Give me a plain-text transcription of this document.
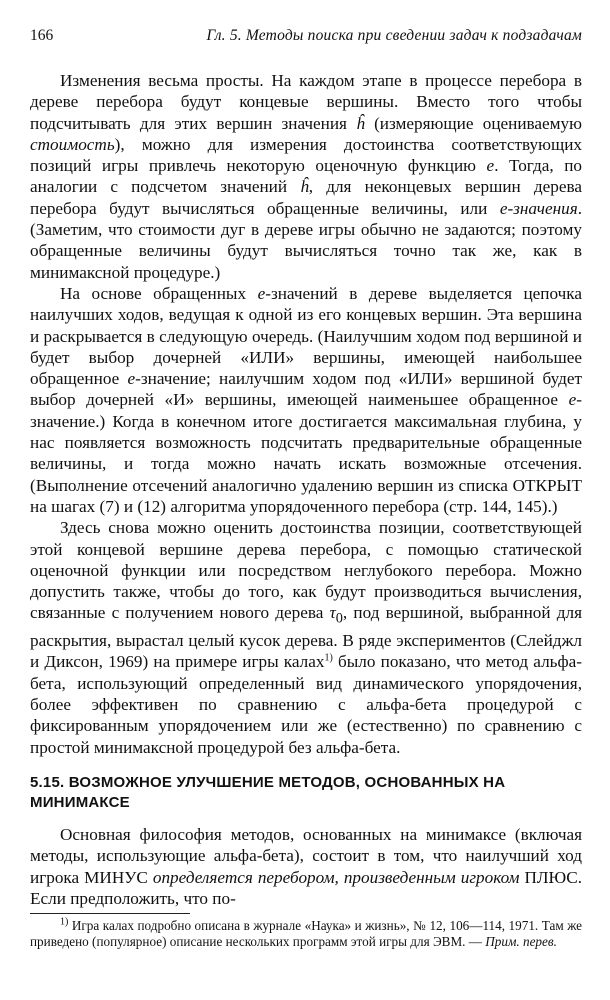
166	Гл. 5. Методы поиска при сведении задач к подзадачам

Изменения весьма просты. На каждом этапе в процессе перебора в дереве перебора будут концевые вершины. Вместо того чтобы подсчитывать для этих вершин значения ĥ (измеряющие оцениваемую стоимость), можно для измерения достоинства соответствующих позиций игры привлечь некоторую оценочную функцию e. Тогда, по аналогии с подсчетом значений ĥ, для неконцевых вершин дерева перебора будут вычисляться обращенные величины, или e-значения. (Заметим, что стоимости дуг в дереве игры обычно не задаются; поэтому обращенные величины будут вычисляться точно так же, как в минимаксной процедуре.)

На основе обращенных e-значений в дереве выделяется цепочка наилучших ходов, ведущая к одной из его концевых вершин. Эта вершина и раскрывается в следующую очередь. (Наилучшим ходом под вершиной и будет выбор дочерней «ИЛИ» вершины, имеющей наибольшее обращенное e-значение; наилучшим ходом под «ИЛИ» вершиной будет выбор дочерней «И» вершины, имеющей наименьшее обращенное e-значение.) Когда в конечном итоге достигается максимальная глубина, у нас появляется возможность подсчитать предварительные обращенные величины, и тогда можно начать искать возможные отсечения. (Выполнение отсечений аналогично удалению вершин из списка ОТКРЫТ на шагах (7) и (12) алгоритма упорядоченного перебора (стр. 144, 145).)

Здесь снова можно оценить достоинства позиции, соответствующей этой концевой вершине дерева перебора, с помощью статической оценочной функции или посредством неглубокого перебора. Можно допустить также, чтобы до того, как будут производиться вычисления, связанные с получением нового дерева $\tau_0$, под вершиной, выбранной для раскрытия, вырастал целый кусок дерева. В ряде экспериментов (Слейджл и Диксон, 1969) на примере игры калах$^{1)}$ было показано, что метод альфа-бета, использующий определенный вид динамического упорядочения, более эффективен по сравнению с альфа-бета процедурой с фиксированным упорядочением или же (естественно) по сравнению с простой минимаксной процедурой без альфа-бета.

5.15. ВОЗМОЖНОЕ УЛУЧШЕНИЕ МЕТОДОВ, ОСНОВАННЫХ НА МИНИМАКСЕ

Основная философия методов, основанных на минимаксе (включая методы, использующие альфа-бета), состоит в том, что наилучший ход игрока МИНУС определяется перебором, произведенным игроком ПЛЮС. Если предположить, что по-

$^{1)}$ Игра калах подробно описана в журнале «Наука» и жизнь», № 12, 106—114, 1971. Там же приведено (популярное) описание нескольких программ этой игры для ЭВМ. — Прим. перев.
